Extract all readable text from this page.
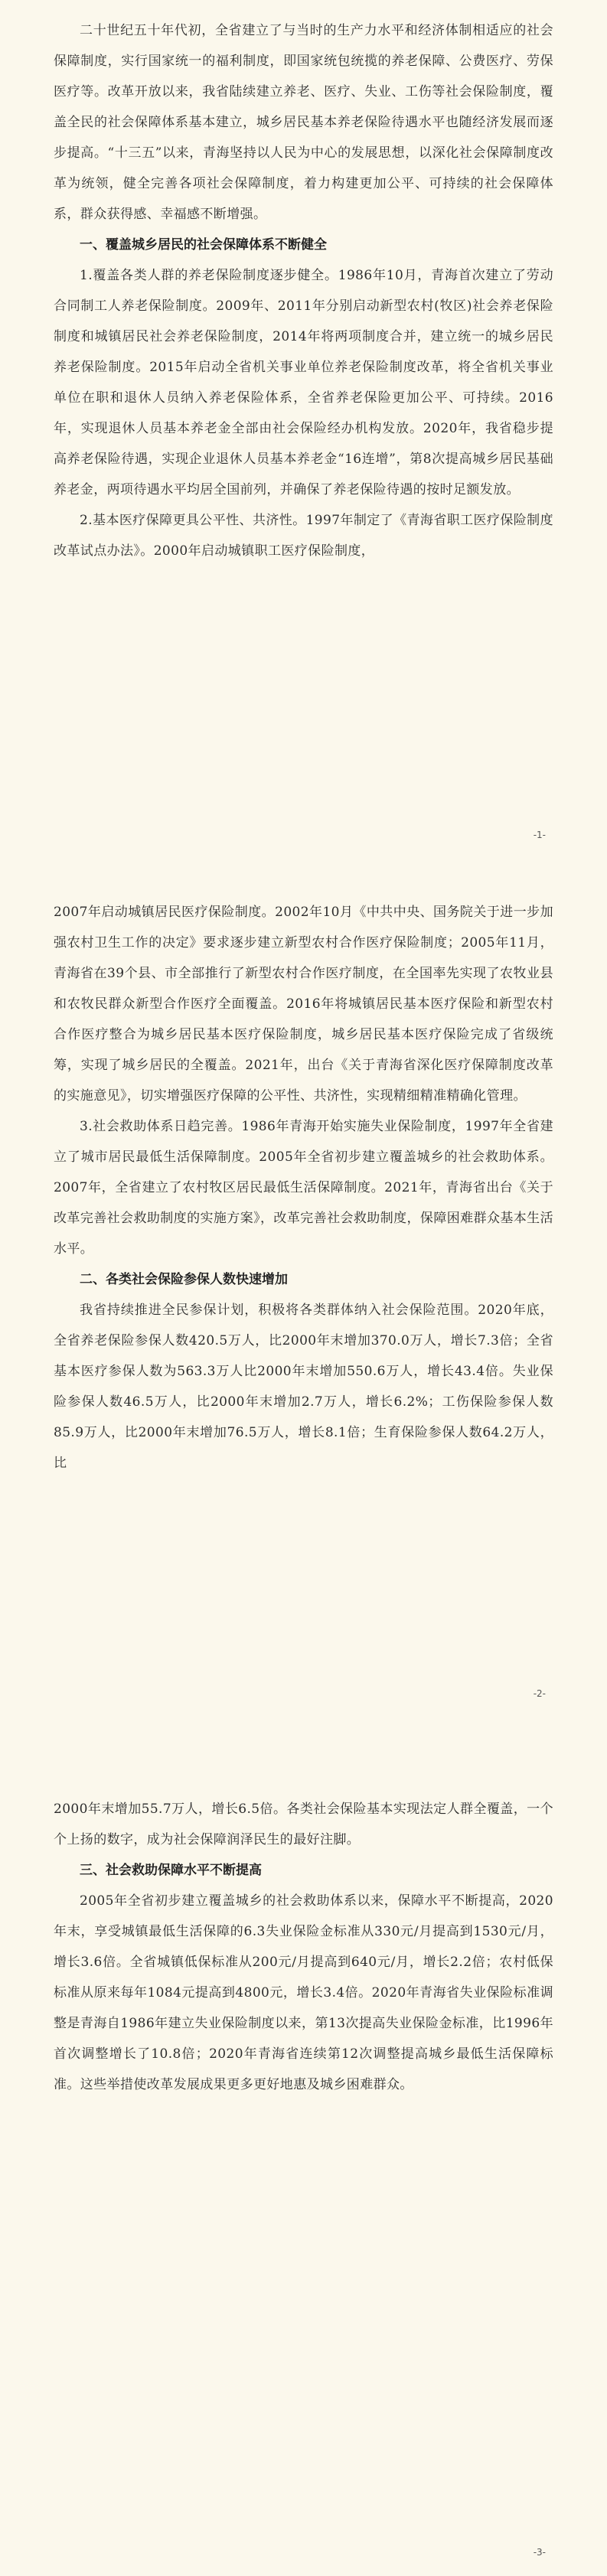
二十世纪五十年代初，全省建立了与当时的生产力水平和经济体制相适应的社会保障制度，实行国家统一的福利制度，即国家统包统揽的养老保障、公费医疗、劳保医疗等。改革开放以来，我省陆续建立养老、医疗、失业、工伤等社会保险制度，覆盖全民的社会保障体系基本建立，城乡居民基本养老保险待遇水平也随经济发展而逐步提高。“十三五”以来，青海坚持以人民为中心的发展思想，以深化社会保障制度改革为统领，健全完善各项社会保障制度，着力构建更加公平、可持续的社会保障体系，群众获得感、幸福感不断增强。

一、覆盖城乡居民的社会保障体系不断健全

1.覆盖各类人群的养老保险制度逐步健全。1986年10月，青海首次建立了劳动合同制工人养老保险制度。2009年、2011年分别启动新型农村(牧区)社会养老保险制度和城镇居民社会养老保险制度，2014年将两项制度合并，建立统一的城乡居民养老保险制度。2015年启动全省机关事业单位养老保险制度改革，将全省机关事业单位在职和退休人员纳入养老保险体系，全省养老保险更加公平、可持续。2016年，实现退休人员基本养老金全部由社会保险经办机构发放。2020年，我省稳步提高养老保险待遇，实现企业退休人员基本养老金“16连增”，第8次提高城乡居民基础养老金，两项待遇水平均居全国前列，并确保了养老保险待遇的按时足额发放。

2.基本医疗保障更具公平性、共济性。1997年制定了《青海省职工医疗保险制度改革试点办法》。2000年启动城镇职工医疗保险制度，

-1-

2007年启动城镇居民医疗保险制度。2002年10月《中共中央、国务院关于进一步加强农村卫生工作的决定》要求逐步建立新型农村合作医疗保险制度；2005年11月，青海省在39个县、市全部推行了新型农村合作医疗制度，在全国率先实现了农牧业县和农牧民群众新型合作医疗全面覆盖。2016年将城镇居民基本医疗保险和新型农村合作医疗整合为城乡居民基本医疗保险制度，城乡居民基本医疗保险完成了省级统筹，实现了城乡居民的全覆盖。2021年，出台《关于青海省深化医疗保障制度改革的实施意见》，切实增强医疗保障的公平性、共济性，实现精细精准精确化管理。

3.社会救助体系日趋完善。1986年青海开始实施失业保险制度，1997年全省建立了城市居民最低生活保障制度。2005年全省初步建立覆盖城乡的社会救助体系。2007年，全省建立了农村牧区居民最低生活保障制度。2021年，青海省出台《关于改革完善社会救助制度的实施方案》，改革完善社会救助制度，保障困难群众基本生活水平。

二、各类社会保险参保人数快速增加

我省持续推进全民参保计划，积极将各类群体纳入社会保险范围。2020年底，全省养老保险参保人数420.5万人，比2000年末增加370.0万人，增长7.3倍；全省基本医疗参保人数为563.3万人比2000年末增加550.6万人，增长43.4倍。失业保险参保人数46.5万人，比2000年末增加2.7万人，增长6.2%；工伤保险参保人数85.9万人，比2000年末增加76.5万人，增长8.1倍；生育保险参保人数64.2万人，比

-2-

2000年末增加55.7万人，增长6.5倍。各类社会保险基本实现法定人群全覆盖，一个个上扬的数字，成为社会保障润泽民生的最好注脚。

三、社会救助保障水平不断提高

2005年全省初步建立覆盖城乡的社会救助体系以来，保障水平不断提高，2020年末，享受城镇最低生活保障的6.3失业保险金标准从330元/月提高到1530元/月，增长3.6倍。全省城镇低保标准从200元/月提高到640元/月，增长2.2倍；农村低保标准从原来每年1084元提高到4800元，增长3.4倍。2020年青海省失业保险标准调整是青海自1986年建立失业保险制度以来，第13次提高失业保险金标准，比1996年首次调整增长了10.8倍；2020年青海省连续第12次调整提高城乡最低生活保障标准。这些举措使改革发展成果更多更好地惠及城乡困难群众。

-3-
